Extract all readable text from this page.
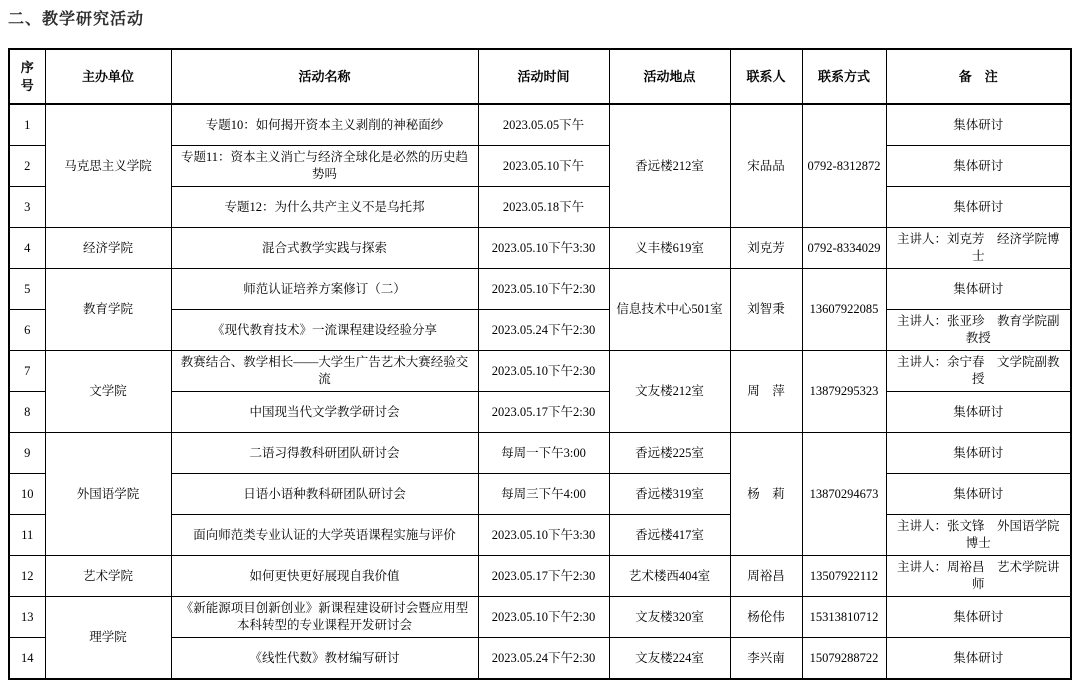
二、教学研究活动
序号	主办单位	活动名称	活动时间	活动地点	联系人	联系方式	备　注
1	马克思主义学院	专题10：如何揭开资本主义剥削的神秘面纱	2023.05.05下午	香远楼212室	宋品品	0792-8312872	集体研讨
2		专题11：资本主义消亡与经济全球化是必然的历史趋势吗	2023.05.10下午				集体研讨
3		专题12：为什么共产主义不是乌托邦	2023.05.18下午				集体研讨
4	经济学院	混合式教学实践与探索	2023.05.10下午3:30	义丰楼619室	刘克芳	0792-8334029	主讲人：刘克芳　经济学院博士
5	教育学院	师范认证培养方案修订（二）	2023.05.10下午2:30	信息技术中心501室	刘智秉	13607922085	集体研讨
6		《现代教育技术》一流课程建设经验分享	2023.05.24下午2:30				主讲人：张亚珍　教育学院副教授
7	文学院	教赛结合、教学相长——大学生广告艺术大赛经验交流	2023.05.10下午2:30	文友楼212室	周　萍	13879295323	主讲人：余宁春　文学院副教授
8		中国现当代文学教学研讨会	2023.05.17下午2:30				集体研讨
9	外国语学院	二语习得教科研团队研讨会	每周一下午3:00	香远楼225室	杨　莉	13870294673	集体研讨
10		日语小语种教科研团队研讨会	每周三下午4:00	香远楼319室			集体研讨
11		面向师范类专业认证的大学英语课程实施与评价	2023.05.10下午3:30	香远楼417室			主讲人：张文锋　外国语学院博士
12	艺术学院	如何更快更好展现自我价值	2023.05.17下午2:30	艺术楼西404室	周裕昌	13507922112	主讲人：周裕昌　艺术学院讲师
13	理学院	《新能源项目创新创业》新课程建设研讨会暨应用型本科转型的专业课程开发研讨会	2023.05.10下午2:30	文友楼320室	杨伦伟	15313810712	集体研讨
14		《线性代数》教材编写研讨	2023.05.24下午2:30	文友楼224室	李兴南	15079288722	集体研讨
